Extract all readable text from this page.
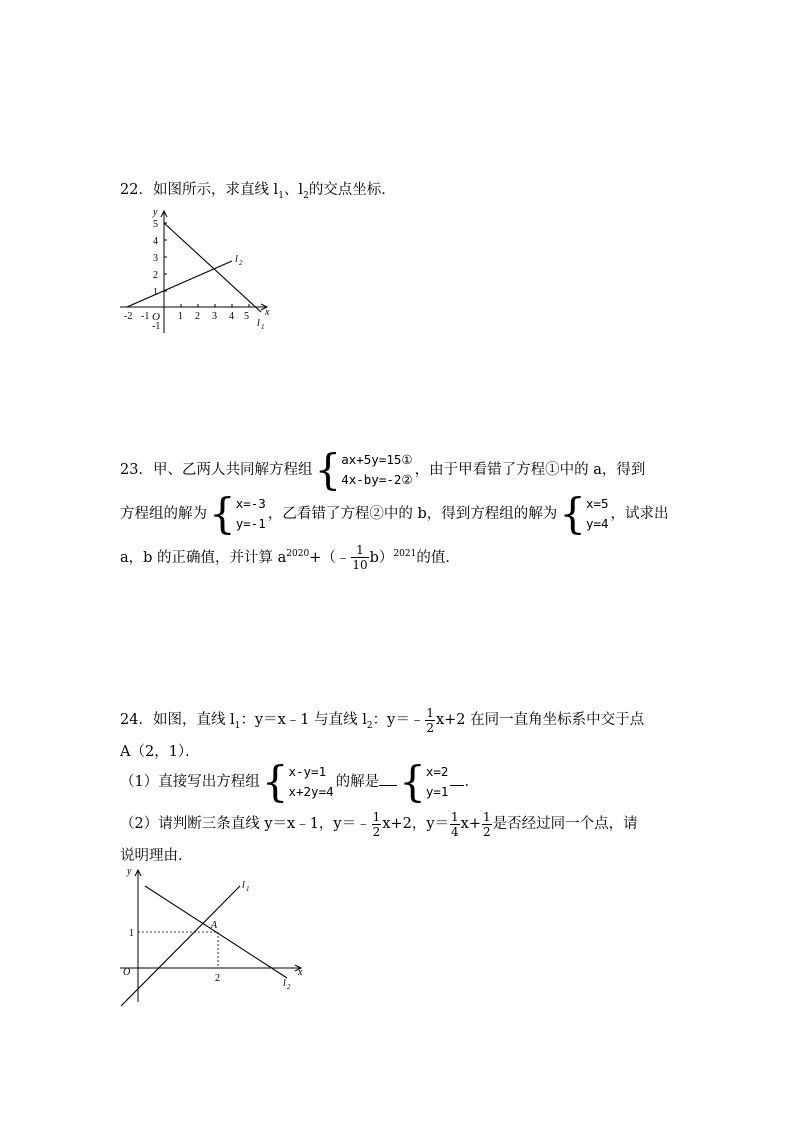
22．如图所示，求直线 $l_1$、$l_2$的交点坐标．
y
x
5
4
3
2
1
-1
-2 -1 O 1 2 3 4 5
l 2
l 1
23．甲、乙两人共同解方程组{ ax+5y=15①
4x-by=-2②
，由于甲看错了方程①中的 a，得到
方程组的解为{ x=-3
y=-1
，乙看错了方程②中的 b，得到方程组的解为{ x=5
y=4
，试求出
a，b 的正确值，并计算 $a^{2020}+(﹣ \frac{1}{10} b)^{2021}$的值．
24．如图，直线 $l_1$：y＝x﹣1 与直线 $l_2$：y＝﹣ $\frac{1}{2} x+2$ 在同一直角坐标系中交于点
A（2，1）．
（1）直接写出方程组{ x-y=1
x+2y=4
的解是 { x=2
y=1
．
（2）请判断三条直线 y＝x﹣1，y＝﹣ $\frac{1}{2} x+2$，$y= \frac{1}{4} x+ \frac{1}{2}$ 是否经过同一个点，请
说明理由．
y
x
O
A
1
2
l 1
l 2
